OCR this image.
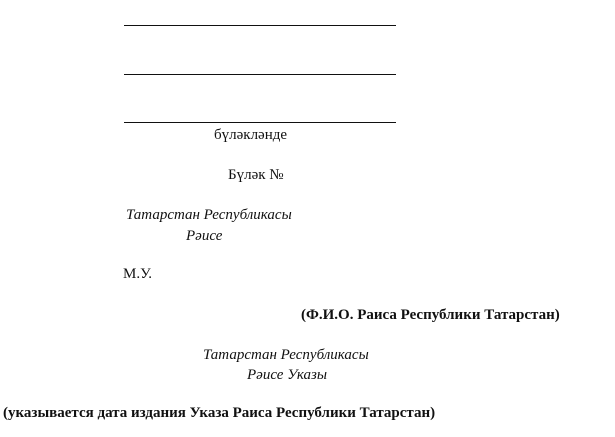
бүләкләнде
Бүләк №
Татарстан Республикасы
Рәисе
М.У.
(Ф.И.О. Раиса Республики Татарстан)
Татарстан Республикасы
Рәисе Указы
(указывается дата издания Указа Раиса Республики Татарстан)
